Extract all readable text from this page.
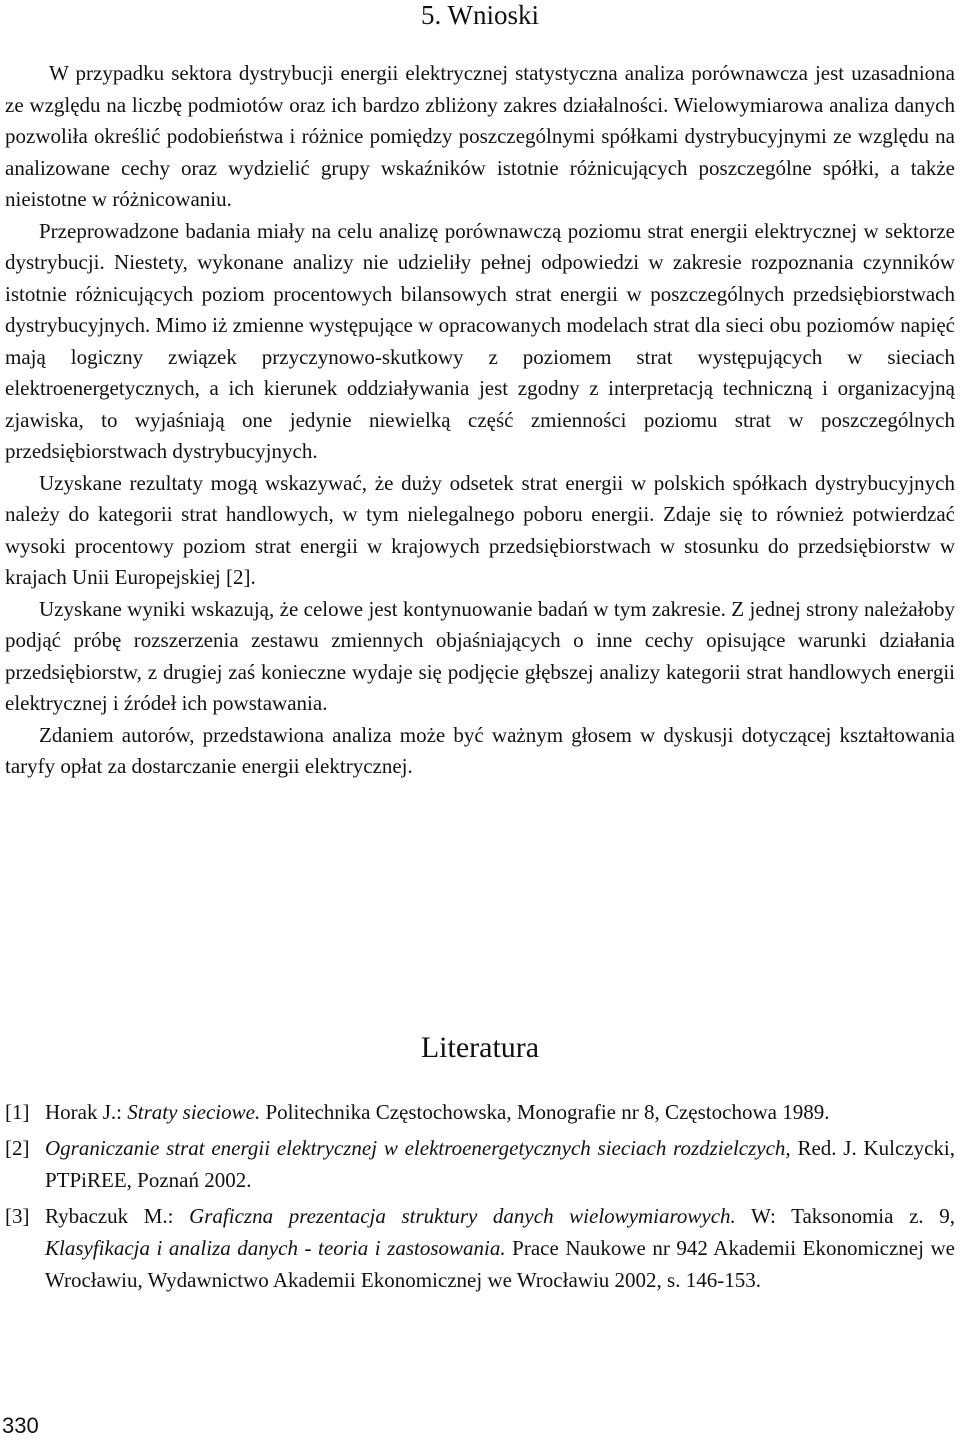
5. Wnioski

W przypadku sektora dystrybucji energii elektrycznej statystyczna analiza porównawcza jest uzasadniona ze względu na liczbę podmiotów oraz ich bardzo zbliżony zakres działalności. Wielowymiarowa analiza danych pozwoliła określić podobieństwa i różnice pomiędzy poszczególnymi spółkami dystrybucyjnymi ze względu na analizowane cechy oraz wydzielić grupy wskaźników istotnie różnicujących poszczególne spółki, a także nieistotne w różnicowaniu.

Przeprowadzone badania miały na celu analizę porównawczą poziomu strat energii elektrycznej w sektorze dystrybucji. Niestety, wykonane analizy nie udzieliły pełnej odpowiedzi w zakresie rozpoznania czynników istotnie różnicujących poziom procentowych bilansowych strat energii w poszczególnych przedsiębiorstwach dystrybucyjnych. Mimo iż zmienne występujące w opracowanych modelach strat dla sieci obu poziomów napięć mają logiczny związek przyczynowo-skutkowy z poziomem strat występujących w sieciach elektroenergetycznych, a ich kierunek oddziaływania jest zgodny z interpretacją techniczną i organizacyjną zjawiska, to wyjaśniają one jedynie niewielką część zmienności poziomu strat w poszczególnych przedsiębiorstwach dystrybucyjnych.

Uzyskane rezultaty mogą wskazywać, że duży odsetek strat energii w polskich spółkach dystrybucyjnych należy do kategorii strat handlowych, w tym nielegalnego poboru energii. Zdaje się to również potwierdzać wysoki procentowy poziom strat energii w krajowych przedsiębiorstwach w stosunku do przedsiębiorstw w krajach Unii Europejskiej [2].

Uzyskane wyniki wskazują, że celowe jest kontynuowanie badań w tym zakresie. Z jednej strony należałoby podjąć próbę rozszerzenia zestawu zmiennych objaśniających o inne cechy opisujące warunki działania przedsiębiorstw, z drugiej zaś konieczne wydaje się podjęcie głębszej analizy kategorii strat handlowych energii elektrycznej i źródeł ich powstawania.

Zdaniem autorów, przedstawiona analiza może być ważnym głosem w dyskusji dotyczącej kształtowania taryfy opłat za dostarczanie energii elektrycznej.

Literatura
[1] Horak J.: Straty sieciowe. Politechnika Częstochowska, Monografie nr 8, Częstochowa 1989.
[2] Ograniczanie strat energii elektrycznej w elektroenergetycznych sieciach rozdzielczych, Red. J. Kulczycki, PTPiREE, Poznań 2002.
[3] Rybaczuk M.: Graficzna prezentacja struktury danych wielowymiarowych. W: Taksonomia z. 9, Klasyfikacja i analiza danych - teoria i zastosowania. Prace Naukowe nr 942 Akademii Ekonomicznej we Wrocławiu, Wydawnictwo Akademii Ekonomicznej we Wrocławiu 2002, s. 146-153.
330
